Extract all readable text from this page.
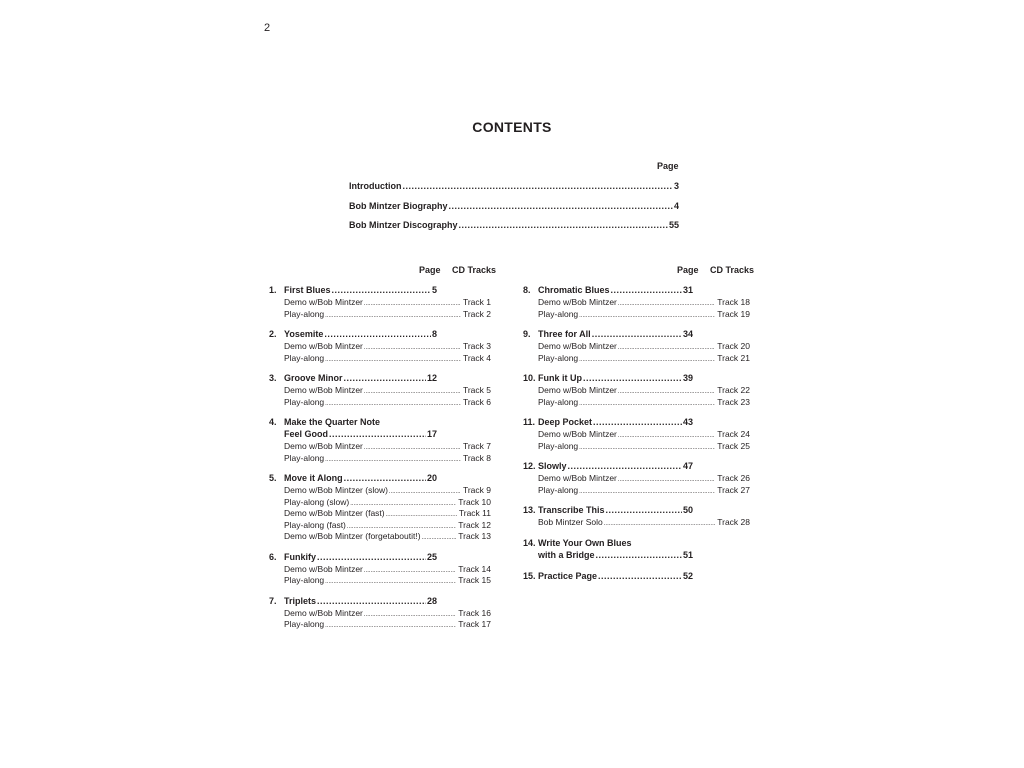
2
CONTENTS
Page
Introduction .....	3
Bob Mintzer Biography .....	4
Bob Mintzer Discography .....	55
Page CD Tracks	Page CD Tracks
1. First Blues .....	5
Demo w/Bob Mintzer .....	Track 1
Play-along .....	Track 2
2. Yosemite .....	8
Demo w/Bob Mintzer .....	Track 3
Play-along .....	Track 4
3. Groove Minor .....	12
Demo w/Bob Mintzer .....	Track 5
Play-along .....	Track 6
4. Make the Quarter Note
Feel Good .....	17
Demo w/Bob Mintzer .....	Track 7
Play-along .....	Track 8
5. Move it Along .....	20
Demo w/Bob Mintzer (slow) .....	Track 9
Play-along (slow) .....	Track 10
Demo w/Bob Mintzer (fast) .....	Track 11
Play-along (fast) .....	Track 12
Demo w/Bob Mintzer (forgetaboutit!) .....	Track 13
6. Funkify .....	25
Demo w/Bob Mintzer .....	Track 14
Play-along .....	Track 15
7. Triplets .....	28
Demo w/Bob Mintzer .....	Track 16
Play-along .....	Track 17
8. Chromatic Blues .....	31
Demo w/Bob Mintzer .....	Track 18
Play-along .....	Track 19
9. Three for All .....	34
Demo w/Bob Mintzer .....	Track 20
Play-along .....	Track 21
10. Funk it Up .....	39
Demo w/Bob Mintzer .....	Track 22
Play-along .....	Track 23
11. Deep Pocket .....	43
Demo w/Bob Mintzer .....	Track 24
Play-along .....	Track 25
12. Slowly .....	47
Demo w/Bob Mintzer .....	Track 26
Play-along .....	Track 27
13. Transcribe This .....	50
Bob Mintzer Solo .....	Track 28
14. Write Your Own Blues
with a Bridge .....	51
15. Practice Page .....	52
